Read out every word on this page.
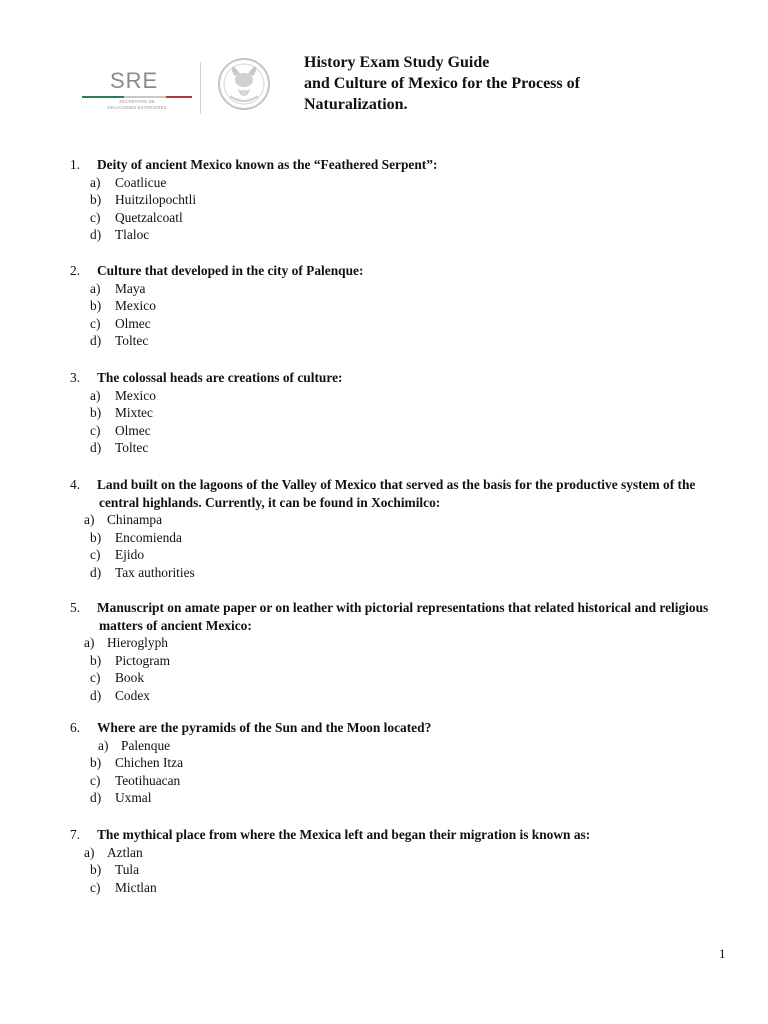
SRE
SECRETARÍA DE
RELACIONES EXTERIORES
History Exam Study Guide
and Culture of Mexico for the Process of
Naturalization.
1. Deity of ancient Mexico known as the “Feathered Serpent”:
a) Coatlicue
b) Huitzilopochtli
c) Quetzalcoatl
d) Tlaloc
2. Culture that developed in the city of Palenque:
a) Maya
b) Mexico
c) Olmec
d) Toltec
3. The colossal heads are creations of culture:
a) Mexico
b) Mixtec
c) Olmec
d) Toltec
4. Land built on the lagoons of the Valley of Mexico that served as the basis for the productive system of the
central highlands. Currently, it can be found in Xochimilco:
a) Chinampa
b) Encomienda
c) Ejido
d) Tax authorities
5. Manuscript on amate paper or on leather with pictorial representations that related historical and religious
matters of ancient Mexico:
a) Hieroglyph
b) Pictogram
c) Book
d) Codex
6. Where are the pyramids of the Sun and the Moon located?
a) Palenque
b) Chichen Itza
c) Teotihuacan
d) Uxmal
7. The mythical place from where the Mexica left and began their migration is known as:
a) Aztlan
b) Tula
c) Mictlan
1
